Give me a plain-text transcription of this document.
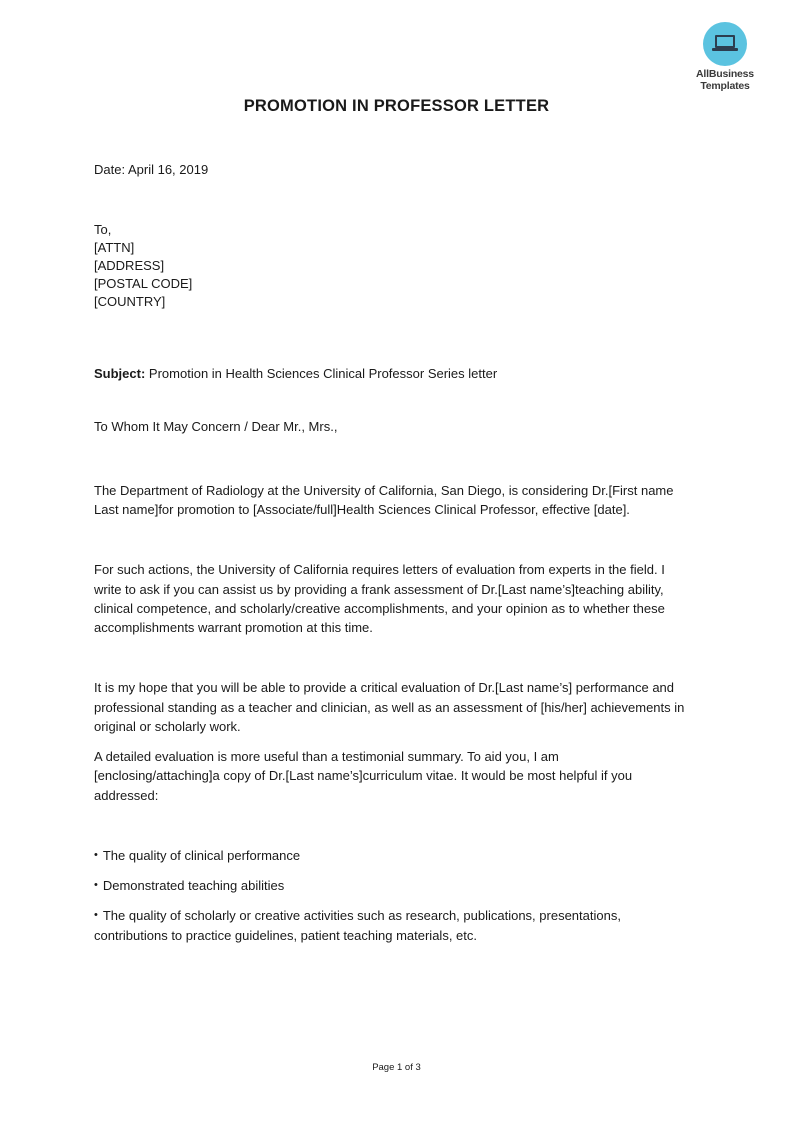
AllBusiness
Templates
PROMOTION IN PROFESSOR LETTER
Date: April 16, 2019
To,
[ATTN]
[ADDRESS]
[POSTAL CODE]
[COUNTRY]
Subject: Promotion in Health Sciences Clinical Professor Series letter
To Whom It May Concern / Dear Mr., Mrs.,
The Department of Radiology at the University of California, San Diego, is considering Dr.[First name
Last name]for promotion to [Associate/full]Health Sciences Clinical Professor, effective [date].
For such actions, the University of California requires letters of evaluation from experts in the field. I
write to ask if you can assist us by providing a frank assessment of Dr.[Last name’s]teaching ability,
clinical competence, and scholarly/creative accomplishments, and your opinion as to whether these
accomplishments warrant promotion at this time.
It is my hope that you will be able to provide a critical evaluation of Dr.[Last name’s] performance and
professional standing as a teacher and clinician, as well as an assessment of [his/her] achievements in
original or scholarly work.
A detailed evaluation is more useful than a testimonial summary. To aid you, I am
[enclosing/attaching]a copy of Dr.[Last name’s]curriculum vitae. It would be most helpful if you
addressed:
• The quality of clinical performance
• Demonstrated teaching abilities
• The quality of scholarly or creative activities such as research, publications, presentations,
contributions to practice guidelines, patient teaching materials, etc.
Page 1 of 3
